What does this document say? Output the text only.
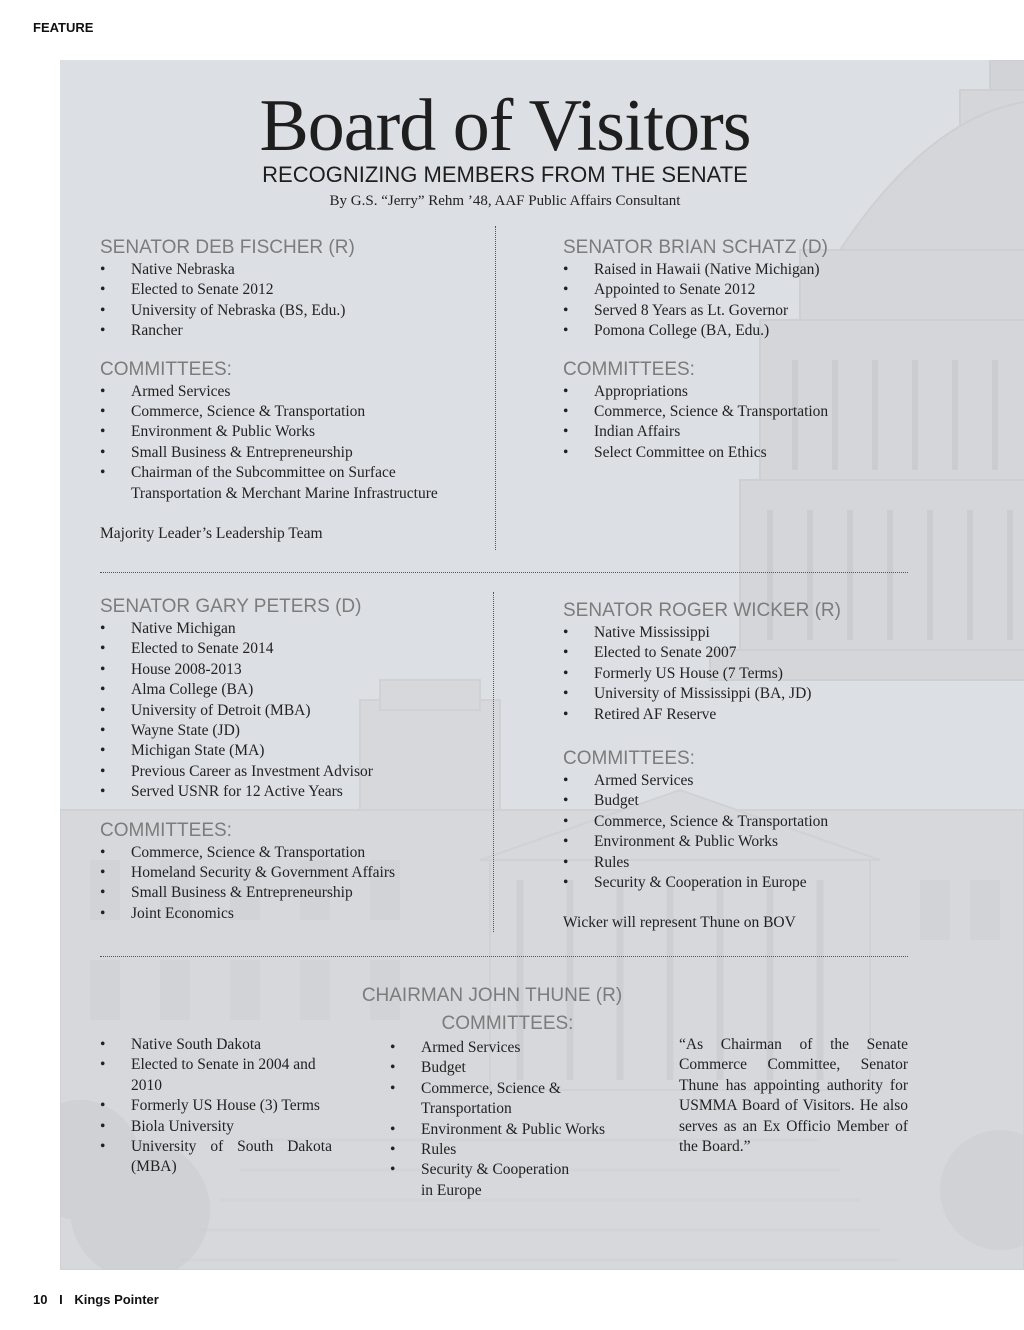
FEATURE
Board of Visitors
RECOGNIZING MEMBERS FROM THE SENATE
By G.S. “Jerry” Rehm ’48, AAF Public Affairs Consultant
SENATOR DEB FISCHER (R)
• Native Nebraska
• Elected to Senate 2012
• University of Nebraska (BS, Edu.)
• Rancher
COMMITTEES:
• Armed Services
• Commerce, Science & Transportation
• Environment & Public Works
• Small Business & Entrepreneurship
• Chairman of the Subcommittee on Surface Transportation & Merchant Marine Infrastructure

Majority Leader’s Leadership Team

SENATOR BRIAN SCHATZ (D)
• Raised in Hawaii (Native Michigan)
• Appointed to Senate 2012
• Served 8 Years as Lt. Governor
• Pomona College (BA, Edu.)
COMMITTEES:
• Appropriations
• Commerce, Science & Transportation
• Indian Affairs
• Select Committee on Ethics
SENATOR GARY PETERS (D)
• Native Michigan
• Elected to Senate 2014
• House 2008-2013
• Alma College (BA)
• University of Detroit (MBA)
• Wayne State (JD)
• Michigan State (MA)
• Previous Career as Investment Advisor
• Served USNR for 12 Active Years
COMMITTEES:
• Commerce, Science & Transportation
• Homeland Security & Government Affairs
• Small Business & Entrepreneurship
• Joint Economics
SENATOR ROGER WICKER (R)
• Native Mississippi
• Elected to Senate 2007
• Formerly US House (7 Terms)
• University of Mississippi (BA, JD)
• Retired AF Reserve
COMMITTEES:
• Armed Services
• Budget
• Commerce, Science & Transportation
• Environment & Public Works
• Rules
• Security & Cooperation in Europe

Wicker will represent Thune on BOV

CHAIRMAN JOHN THUNE (R)
• Native South Dakota
• Elected to Senate in 2004 and 2010
• Formerly US House (3) Terms
• Biola University
• University of South Dakota (MBA)
COMMITTEES:
• Armed Services
• Budget
• Commerce, Science & Transportation
• Environment & Public Works
• Rules
• Security & Cooperation in Europe
“As Chairman of the Senate Commerce Committee, Senator Thune has appointing authority for USMMA Board of Visitors. He also serves as an Ex Officio Member of the Board.”
10 I Kings Pointer
